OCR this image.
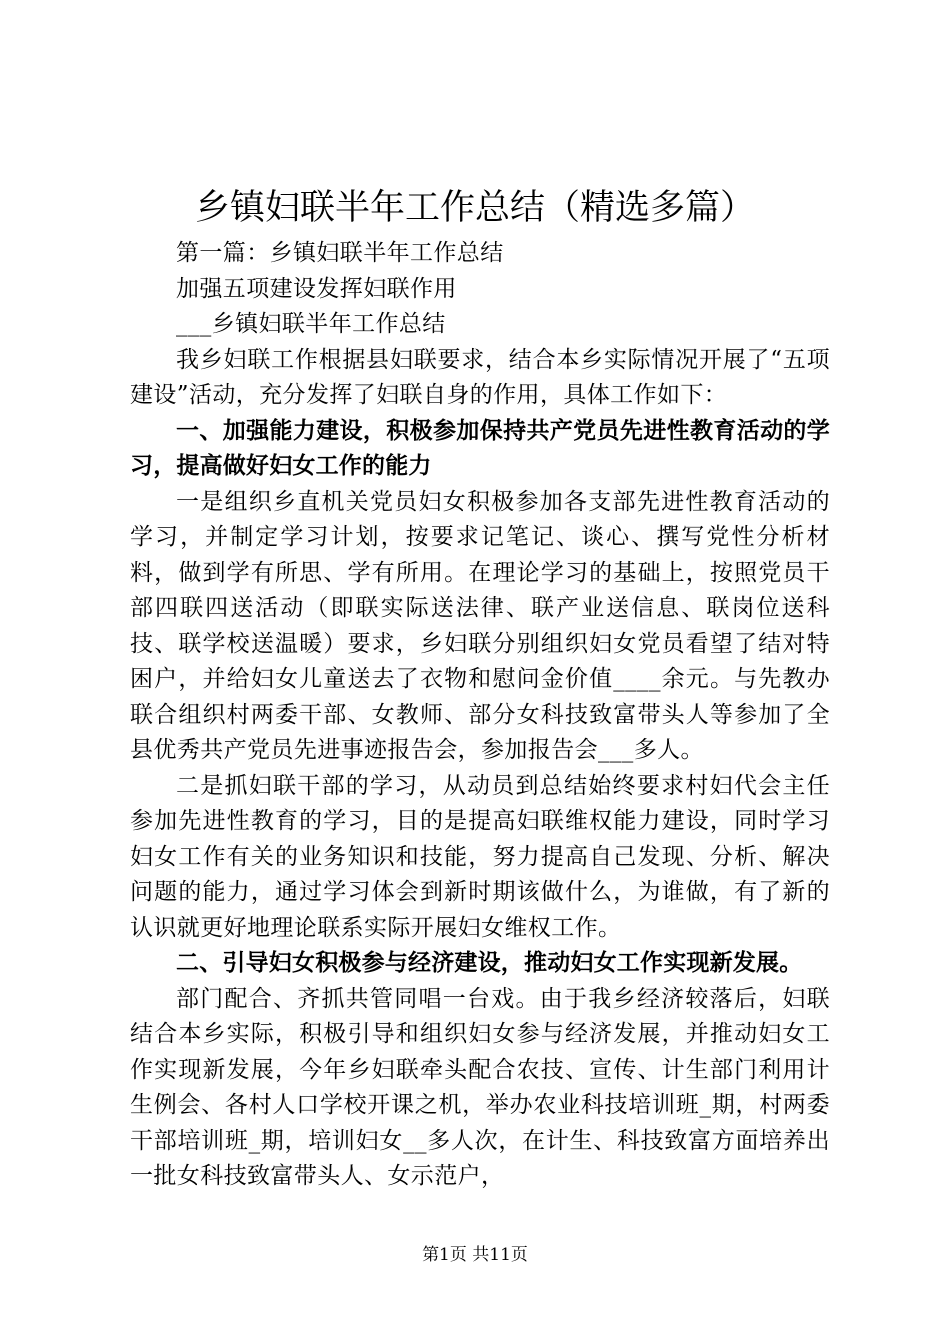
乡镇妇联半年工作总结（精选多篇）

第一篇：乡镇妇联半年工作总结

加强五项建设发挥妇联作用

___乡镇妇联半年工作总结

我乡妇联工作根据县妇联要求，结合本乡实际情况开展了“五项建设”活动，充分发挥了妇联自身的作用，具体工作如下：

一、加强能力建设，积极参加保持共产党员先进性教育活动的学习，提高做好妇女工作的能力

一是组织乡直机关党员妇女积极参加各支部先进性教育活动的学习，并制定学习计划，按要求记笔记、谈心、撰写党性分析材料，做到学有所思、学有所用。在理论学习的基础上，按照党员干部四联四送活动（即联实际送法律、联产业送信息、联岗位送科技、联学校送温暖）要求，乡妇联分别组织妇女党员看望了结对特困户，并给妇女儿童送去了衣物和慰问金价值____余元。与先教办联合组织村两委干部、女教师、部分女科技致富带头人等参加了全县优秀共产党员先进事迹报告会，参加报告会___多人。

二是抓妇联干部的学习，从动员到总结始终要求村妇代会主任参加先进性教育的学习，目的是提高妇联维权能力建设，同时学习妇女工作有关的业务知识和技能，努力提高自己发现、分析、解决问题的能力，通过学习体会到新时期该做什么，为谁做，有了新的认识就更好地理论联系实际开展妇女维权工作。

二、引导妇女积极参与经济建设，推动妇女工作实现新发展。

部门配合、齐抓共管同唱一台戏。由于我乡经济较落后，妇联结合本乡实际，积极引导和组织妇女参与经济发展，并推动妇女工作实现新发展，今年乡妇联牵头配合农技、宣传、计生部门利用计生例会、各村人口学校开课之机，举办农业科技培训班_期，村两委干部培训班_期，培训妇女__多人次，在计生、科技致富方面培养出一批女科技致富带头人、女示范户，

第1页 共11页
